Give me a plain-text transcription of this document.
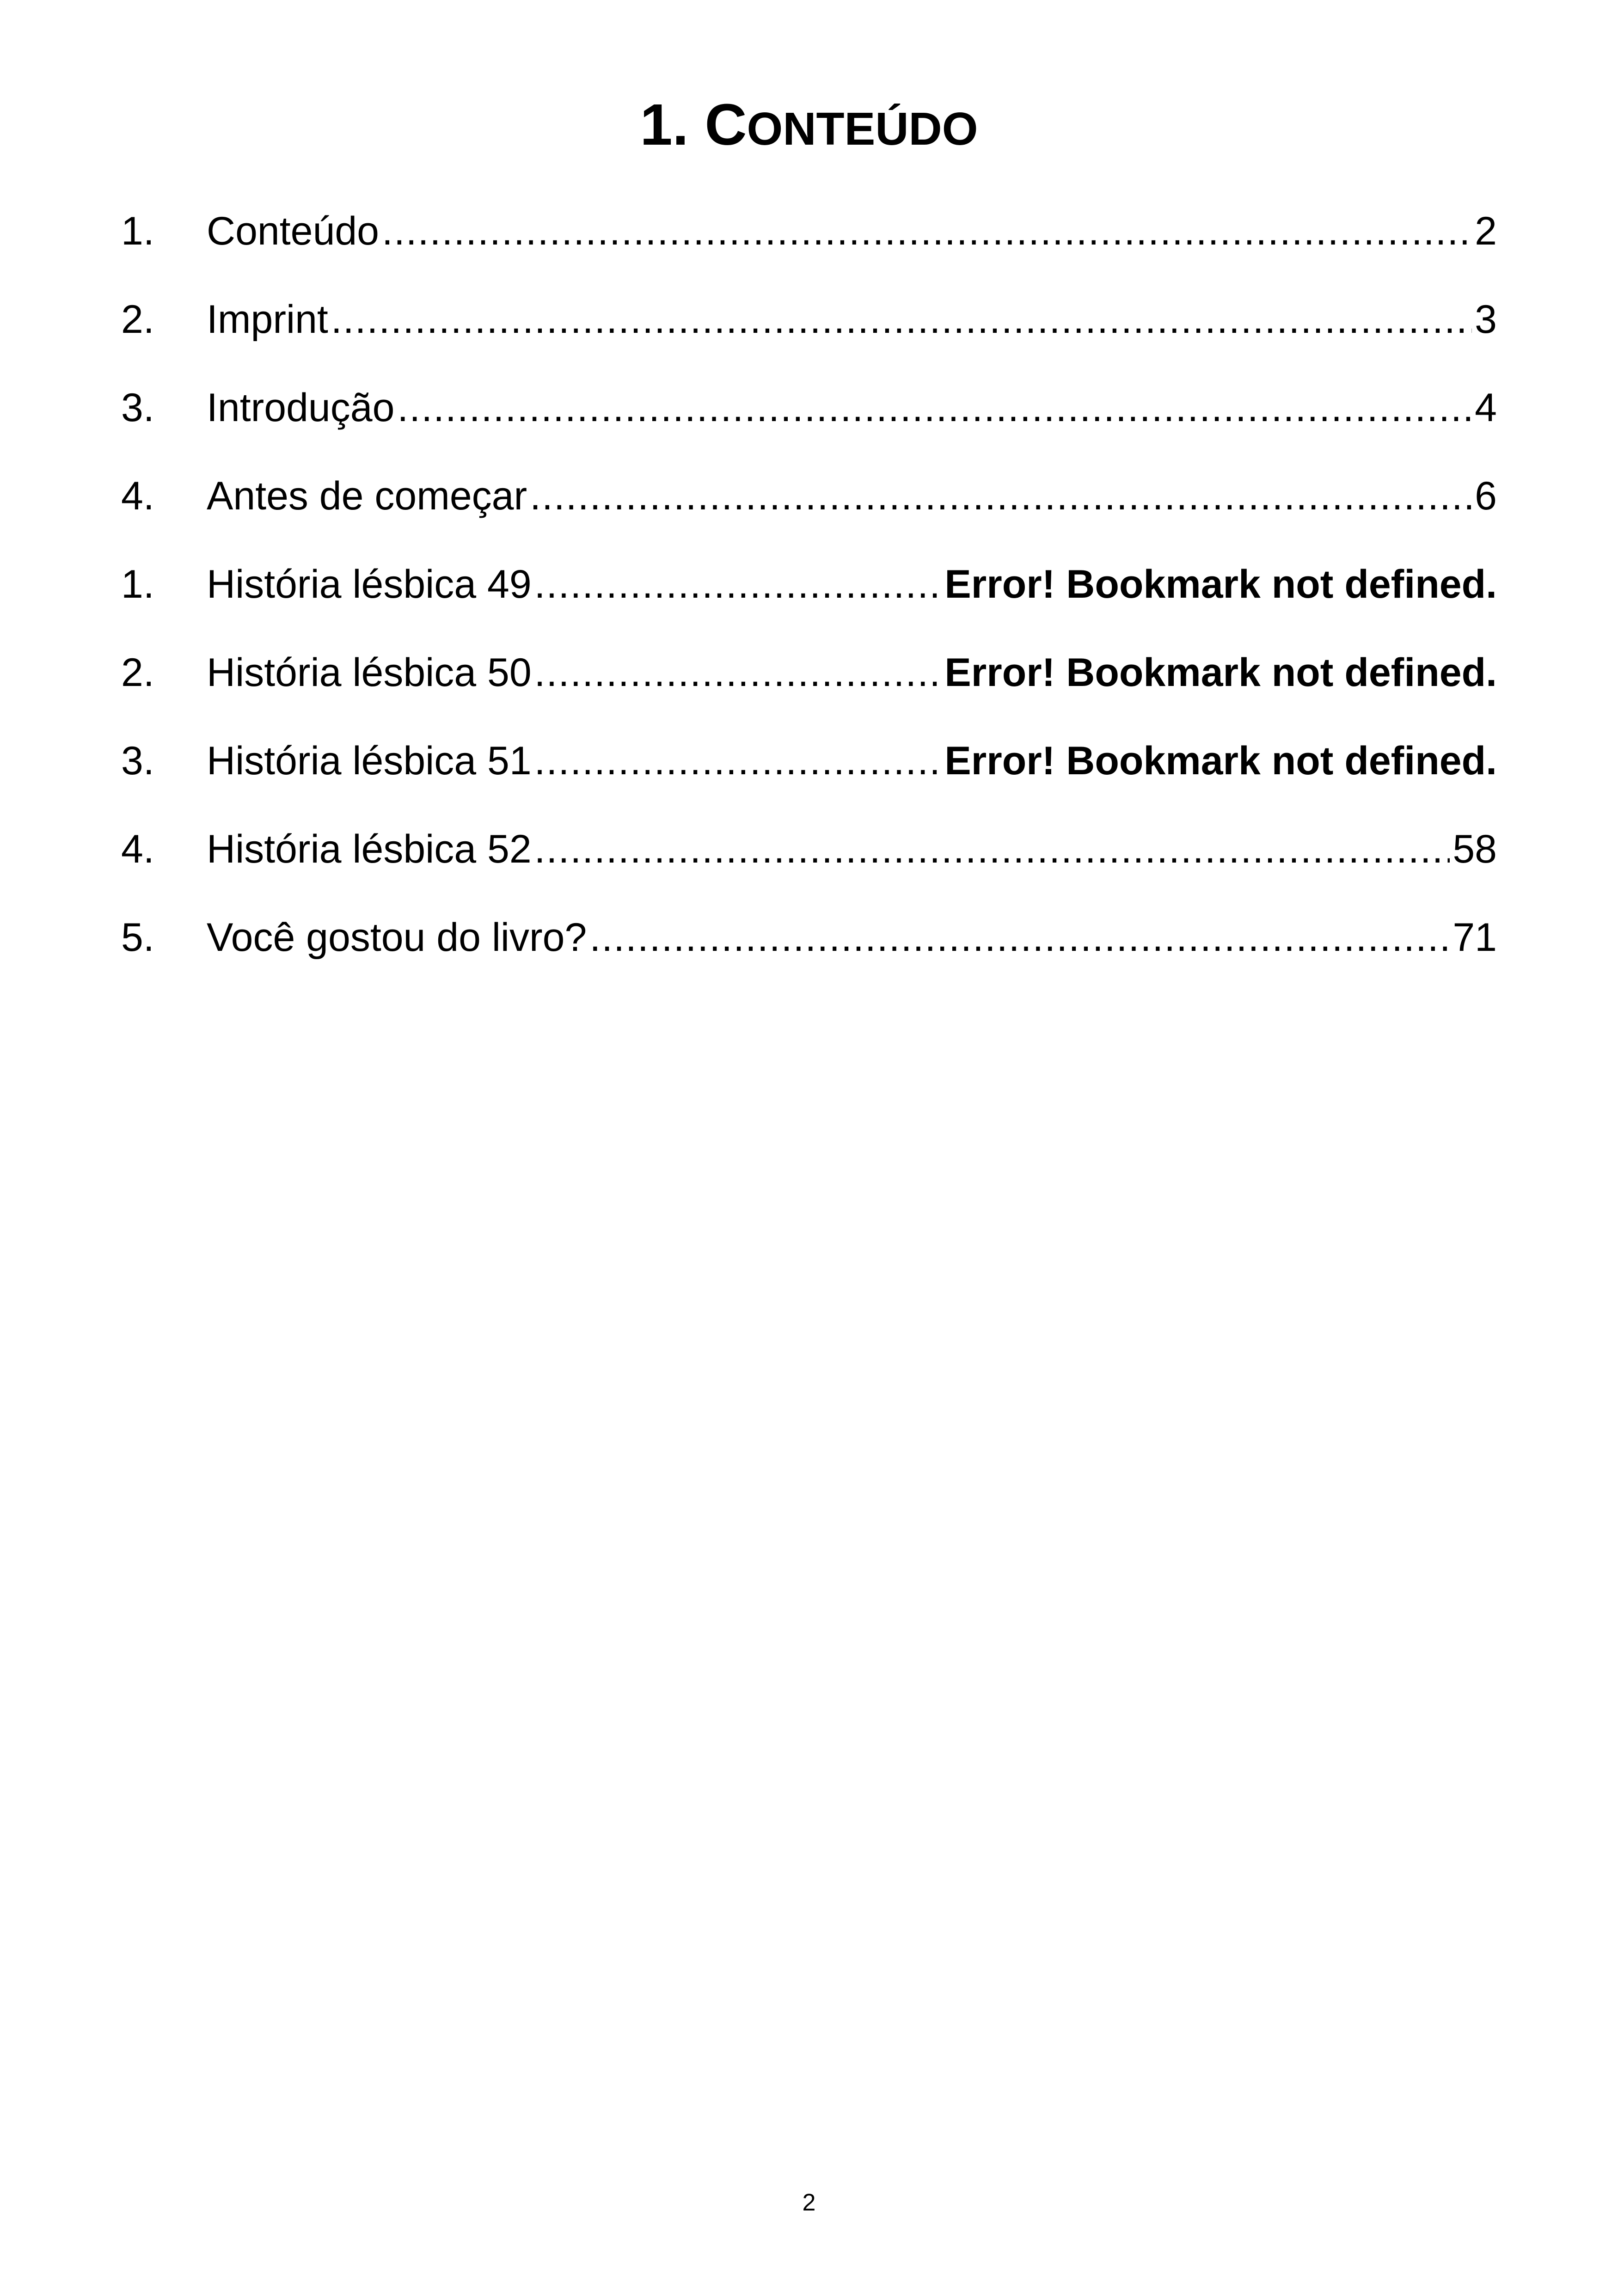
1. CONTEÚDO
1.	Conteúdo .....	2
2.	Imprint .....	3
3.	Introdução .....	4
4.	Antes de começar .....	6
1.	História lésbica 49 .....	Error! Bookmark not defined.
2.	História lésbica 50 .....	Error! Bookmark not defined.
3.	História lésbica 51 .....	Error! Bookmark not defined.
4.	História lésbica 52 .....	58
5.	Você gostou do livro? .....	71
2
